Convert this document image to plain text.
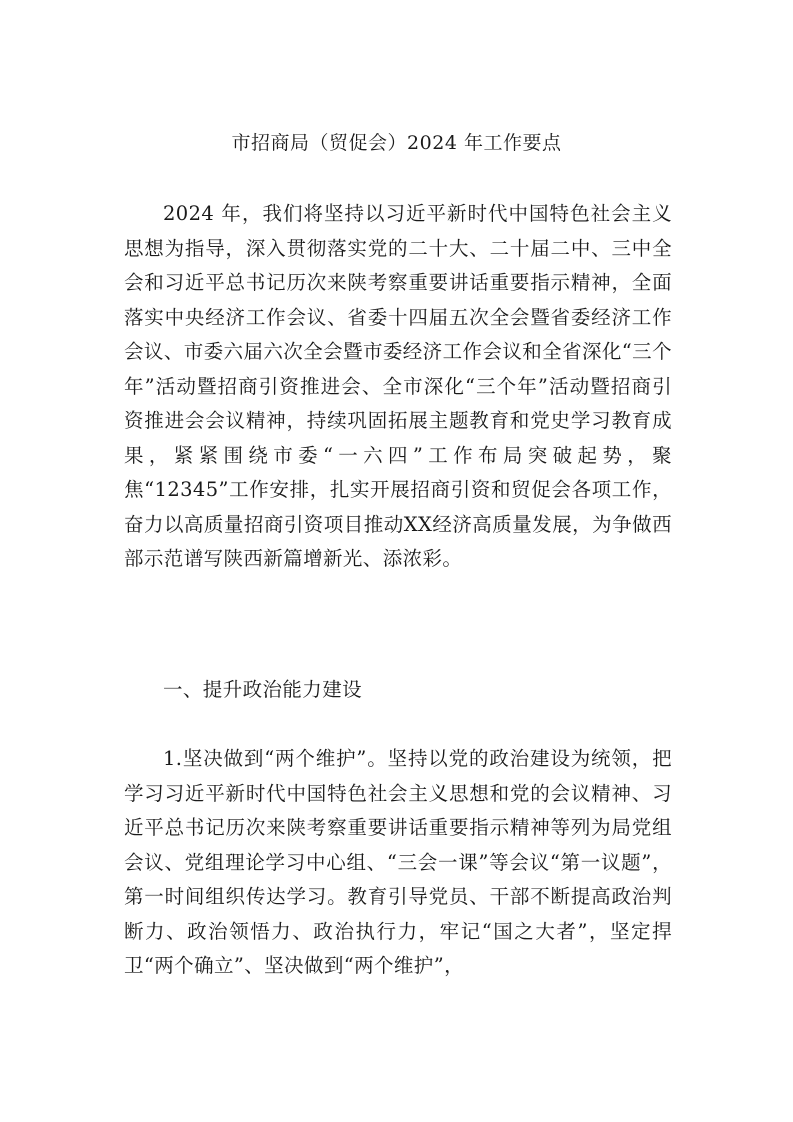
市招商局（贸促会）2024 年工作要点

2024 年，我们将坚持以习近平新时代中国特色社会主义思想为指导，深入贯彻落实党的二十大、二十届二中、三中全会和习近平总书记历次来陕考察重要讲话重要指示精神，全面落实中央经济工作会议、省委十四届五次全会暨省委经济工作会议、市委六届六次全会暨市委经济工作会议和全省深化“三个年”活动暨招商引资推进会、全市深化“三个年”活动暨招商引资推进会会议精神，持续巩固拓展主题教育和党史学习教育成果，紧紧围绕市委“一六四”工作布局突破起势，聚焦“12345”工作安排，扎实开展招商引资和贸促会各项工作，奋力以高质量招商引资项目推动XX经济高质量发展，为争做西部示范谱写陕西新篇增新光、添浓彩。

一、提升政治能力建设

1.坚决做到“两个维护”。坚持以党的政治建设为统领，把学习习近平新时代中国特色社会主义思想和党的会议精神、习近平总书记历次来陕考察重要讲话重要指示精神等列为局党组会议、党组理论学习中心组、“三会一课”等会议“第一议题”，第一时间组织传达学习。教育引导党员、干部不断提高政治判断力、政治领悟力、政治执行力，牢记“国之大者”，坚定捍卫“两个确立”、坚决做到“两个维护”，
